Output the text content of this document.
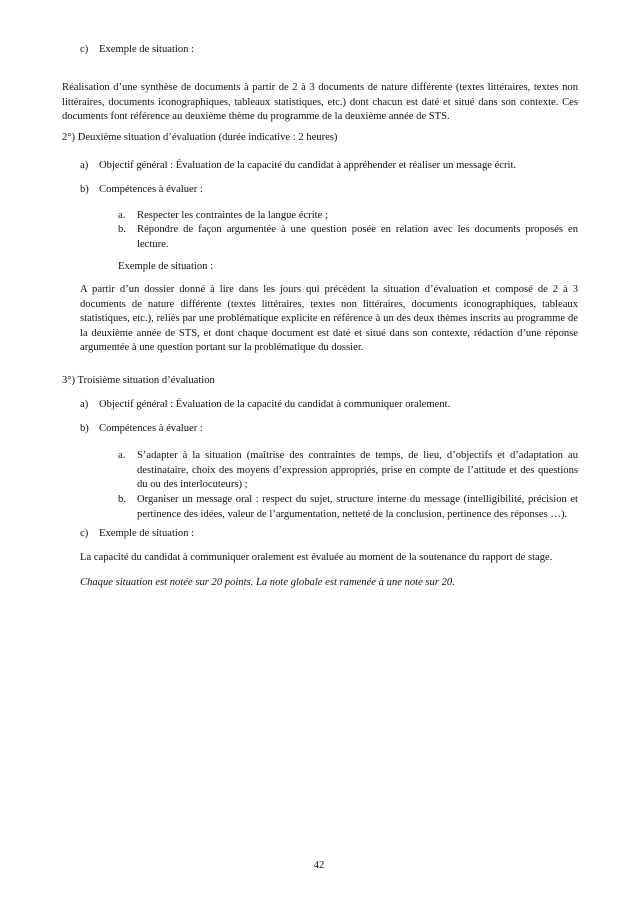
c) Exemple de situation :

Réalisation d’une synthèse de documents à partir de 2 à 3 documents de nature différente (textes littéraires, textes non littéraires, documents iconographiques, tableaux statistiques, etc.) dont chacun est daté et situé dans son contexte. Ces documents font référence au deuxième thème du programme de la deuxième année de STS.

2°) Deuxième situation d’évaluation (durée indicative : 2 heures)

a) Objectif général : Évaluation de la capacité du candidat à appréhender et réaliser un message écrit.
b) Compétences à évaluer :
a. Respecter les contraintes de la langue écrite ;
b. Répondre de façon argumentée à une question posée en relation avec les documents proposés en lecture.

Exemple de situation :

A partir d’un dossier donné à lire dans les jours qui précèdent la situation d’évaluation et composé de 2 à 3 documents de nature différente (textes littéraires, textes non littéraires, documents iconographiques, tableaux statistiques, etc.), reliés par une problématique explicite en référence à un des deux thèmes inscrits au programme de la deuxième année de STS, et dont chaque document est daté et situé dans son contexte, rédaction d’une réponse argumentée à une question portant sur la problématique du dossier.

3°) Troisième situation d’évaluation

a) Objectif général : Évaluation de la capacité du candidat à communiquer oralement.
b) Compétences à évaluer :
a. S’adapter à la situation (maîtrise des contraintes de temps, de lieu, d’objectifs et d’adaptation au destinataire, choix des moyens d’expression appropriés, prise en compte de l’attitude et des questions du ou des interlocuteurs) ;
b. Organiser un message oral : respect du sujet, structure interne du message (intelligibilité, précision et pertinence des idées, valeur de l’argumentation, netteté de la conclusion, pertinence des réponses …).
c) Exemple de situation :

La capacité du candidat à communiquer oralement est évaluée au moment de la soutenance du rapport de stage.

Chaque situation est notée sur 20 points. La note globale est ramenée à une note sur 20.

42
